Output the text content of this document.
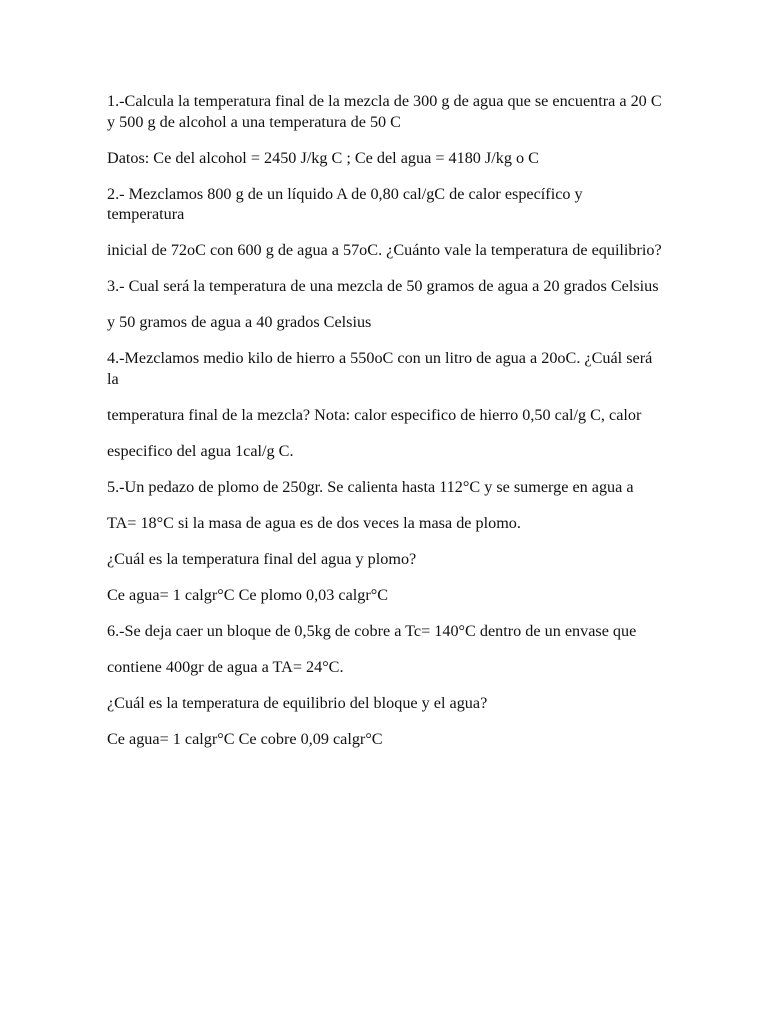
1.-Calcula la temperatura final de la mezcla de 300 g de agua que se encuentra a 20 C y 500 g de alcohol a una temperatura de 50 C

Datos: Ce del alcohol = 2450 J/kg C ; Ce del agua = 4180 J/kg o C

2.- Mezclamos 800 g de un líquido A de 0,80 cal/gC de calor específico y temperatura

inicial de 72oC con 600 g de agua a 57oC. ¿Cuánto vale la temperatura de equilibrio?

3.- Cual será la temperatura de una mezcla de 50 gramos de agua a 20 grados Celsius

y 50 gramos de agua a 40 grados Celsius

4.-Mezclamos medio kilo de hierro a 550oC con un litro de agua a 20oC. ¿Cuál será la

temperatura final de la mezcla? Nota: calor especifico de hierro 0,50 cal/g C, calor

especifico del agua 1cal/g C.

5.-Un pedazo de plomo de 250gr. Se calienta hasta 112°C y se sumerge en agua a

TA= 18°C si la masa de agua es de dos veces la masa de plomo.

¿Cuál es la temperatura final del agua y plomo?

Ce agua= 1 calgr°C Ce plomo 0,03 calgr°C

6.-Se deja caer un bloque de 0,5kg de cobre a Tc= 140°C dentro de un envase que

contiene 400gr de agua a TA= 24°C.

¿Cuál es la temperatura de equilibrio del bloque y el agua?

Ce agua= 1 calgr°C Ce cobre 0,09 calgr°C
